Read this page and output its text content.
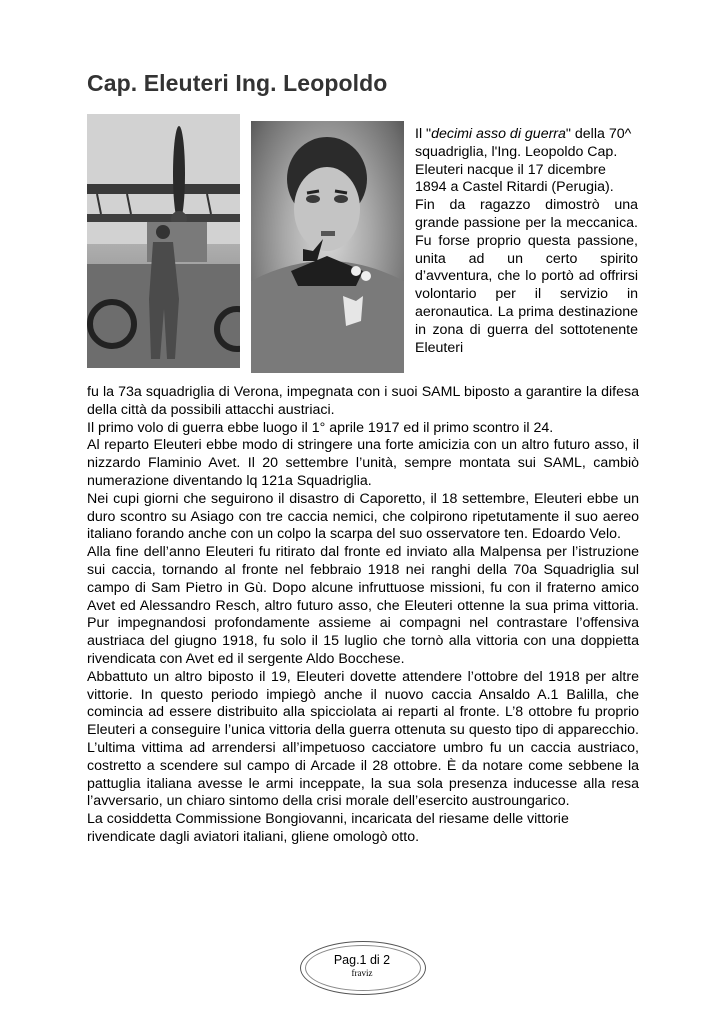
Cap. Eleuteri Ing. Leopoldo

Il "decimi asso di guerra" della 70^ squadriglia, l'Ing. Leopoldo Cap. Eleuteri nacque il 17 dicembre 1894 a Castel Ritardi (Perugia).

Fin da ragazzo dimostrò una grande passione per la meccanica. Fu forse proprio questa passione, unita ad un certo spirito d’avventura, che lo portò ad offrirsi volontario per il servizio in aeronautica. La prima destinazione in zona di guerra del sottotenente Eleuteri

fu la 73a squadriglia di Verona, impegnata con i suoi SAML biposto a garantire la difesa della città da possibili attacchi austriaci.

Il primo volo di guerra ebbe luogo il 1° aprile 1917 ed il primo scontro il 24.

Al reparto Eleuteri ebbe modo di stringere una forte amicizia con un altro futuro asso, il nizzardo Flaminio Avet. Il 20 settembre l’unità, sempre montata sui SAML, cambiò numerazione diventando lq 121a Squadriglia.

Nei cupi giorni che seguirono il disastro di Caporetto, il 18 settembre, Eleuteri ebbe un duro scontro su Asiago con tre caccia nemici, che colpirono ripetutamente il suo aereo italiano forando anche con un colpo la scarpa del suo osservatore ten. Edoardo Velo.

Alla fine dell’anno Eleuteri fu ritirato dal fronte ed inviato alla Malpensa per l’istruzione sui caccia, tornando al fronte nel febbraio 1918 nei ranghi della 70a Squadriglia sul campo di Sam Pietro in Gù. Dopo alcune infruttuose missioni, fu con il fraterno amico Avet ed Alessandro Resch, altro futuro asso, che Eleuteri ottenne la sua prima vittoria. Pur impegnandosi profondamente assieme ai compagni nel contrastare l’offensiva austriaca del giugno 1918, fu solo il 15 luglio che tornò alla vittoria con una doppietta rivendicata con Avet ed il sergente Aldo Bocchese.

Abbattuto un altro biposto il 19, Eleuteri dovette attendere l’ottobre del 1918 per altre vittorie. In questo periodo impiegò anche il nuovo caccia Ansaldo A.1 Balilla, che comincia ad essere distribuito alla spicciolata ai reparti al fronte. L’8 ottobre fu proprio Eleuteri a conseguire l’unica vittoria della guerra ottenuta su questo tipo di apparecchio. L’ultima vittima ad arrendersi all’impetuoso cacciatore umbro fu un caccia austriaco, costretto a scendere sul campo di Arcade il 28 ottobre. È da notare come sebbene la pattuglia italiana avesse le armi inceppate, la sua sola presenza inducesse alla resa l’avversario, un chiaro sintomo della crisi morale dell’esercito austroungarico.

La cosiddetta Commissione Bongiovanni, incaricata del riesame delle vittorie rivendicate dagli aviatori italiani, gliene omologò otto.

Pag.1 di 2
fraviz
